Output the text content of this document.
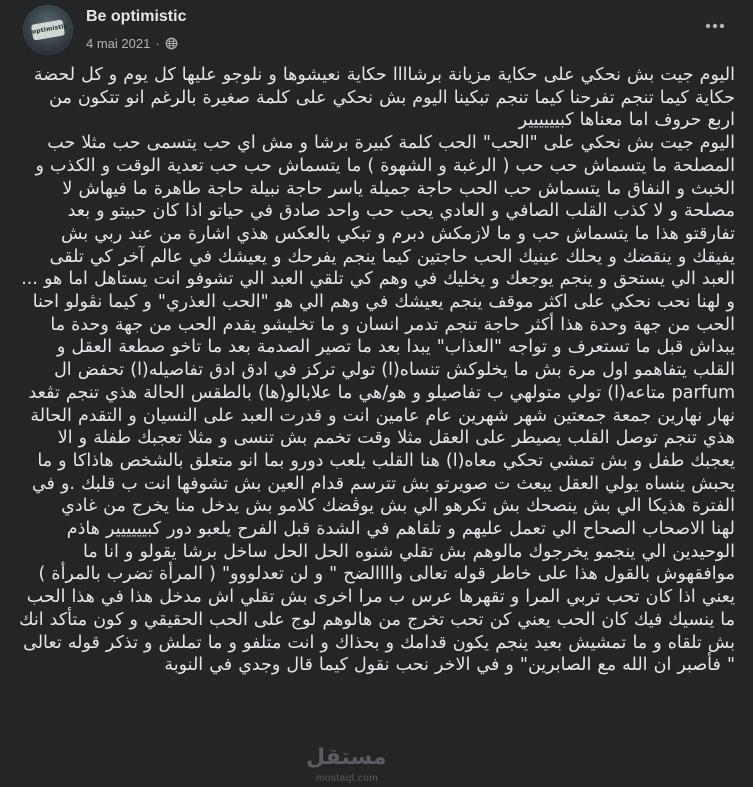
optimistic
Be optimistic
4 mai 2021 ·

اليوم جيت بش نحكي على حكاية مزيانة برشاااا حكاية نعيشوها و نلوجو عليها كل يوم و كل لحضة حكاية كيما تنجم تفرحنا كيما تنجم تبكينا اليوم بش نحكي على كلمة صغيرة بالرغم انو تتكون من اربع حروف اما معناها كبيييييير

اليوم جيت بش نحكي على "الحب" الحب كلمة كبيرة برشا و مش اي حب يتسمى حب مثلا حب المصلحة ما يتسماش حب حب ( الرغبة و الشهوة ) ما يتسماش حب حب تعدية الوقت و الكذب و الخبث و النفاق ما يتسماش حب الحب حاجة جميلة ياسر حاجة نبيلة حاجة طاهرة ما فيهاش لا مصلحة و لا كذب القلب الصافي و العادي يحب حب واحد صادق في حياتو اذا كان حبيتو و بعد تفارقتو هذا ما يتسماش حب و ما لازمكش دبرم و تبكي بالعكس هذي اشارة من عند ربي بش يفيقك و ينقضك و يحلك عينيك الحب حاجتين كيما ينجم يفرحك و يعيشك في عالم آخر كي تلقى العبد الي يستحق و ينجم يوجعك و يخليك في وهم كي تلقي العبد الي تشوفو انت يستاهل اما هو ...

و لهنا نحب نحكي على اكثر موقف ينجم يعيشك في وهم الي هو "الحب العذري" و كيما نڨولو احنا الحب من جهة وحدة هذا أكثر حاجة تنجم تدمر انسان و ما تخليشو يقدم الحب من جهة وحدة ما يبداش قبل ما تستعرف و تواجه "العذاب" يبدا بعد ما تصير الصدمة بعد ما تاخو صطعة العقل و القلب يتفاهمو اول مرة بش ما يخلوكش تنساه(ا) تولي تركز في ادق ادق تفاصيله(ا) تحفض ال parfum متاعه(ا) تولي متولهي ب تفاصيلو و هو/هي ما علابالو(ها) بالطقس الحالة هذي تنجم تڨعد نهار نهارين جمعة جمعتين شهر شهرين عام عامين انت و قدرت العبد على النسيان و التقدم الحالة هذي تنجم توصل القلب يصيطر على العقل مثلا وقت تخمم بش تنسى و مثلا تعجبك طفلة و الا يعجبك طفل و بش تمشي تحكي معاه(ا) هنا القلب يلعب دورو بما انو متعلق بالشخص هاذاكا و ما يحبش ينساه يولي العقل يبعث ت صويرتو بش تترسم قدام العين بش تشوفها انت ب قلبك .و في الفترة هذيكا الي بش ينصحك بش تكرهو الي بش يوڨضك كلامو بش يدخل منا يخرج من غادي

لهنا الاصحاب الصحاح الي تعمل عليهم و تلقاهم في الشدة قبل الفرح يلعبو دور كبيييييير هاذم الوحيدين الي ينجمو يخرجوك مالوهم بش تقلي شنوه الحل الحل ساخل برشا يقولو و انا ما موافقهوش بالقول هذا على خاطر قوله تعالى واااالضح " و لن تعدلووو" ( المرأة تضرب بالمرأة ) يعني اذا كان تحب تربي المرا و تقهرها عرس ب مرا اخرى بش تقلي اش مدخل هذا في هذا الحب ما ينسيك فيك كان الحب يعني كن تحب تخرج من هالوهم لوج على الحب الحقيقي و كون متأكد انك بش تلقاه و ما تمشيش بعيد ينجم يكون قدامك و بحذاك و انت متلفو و ما تملش و تذكر قوله تعالى " فأصبر ان الله مع الصابرين" و في الاخر نحب نقول كيما قال وجدي في النوبة

مستقل
mostaql.com
